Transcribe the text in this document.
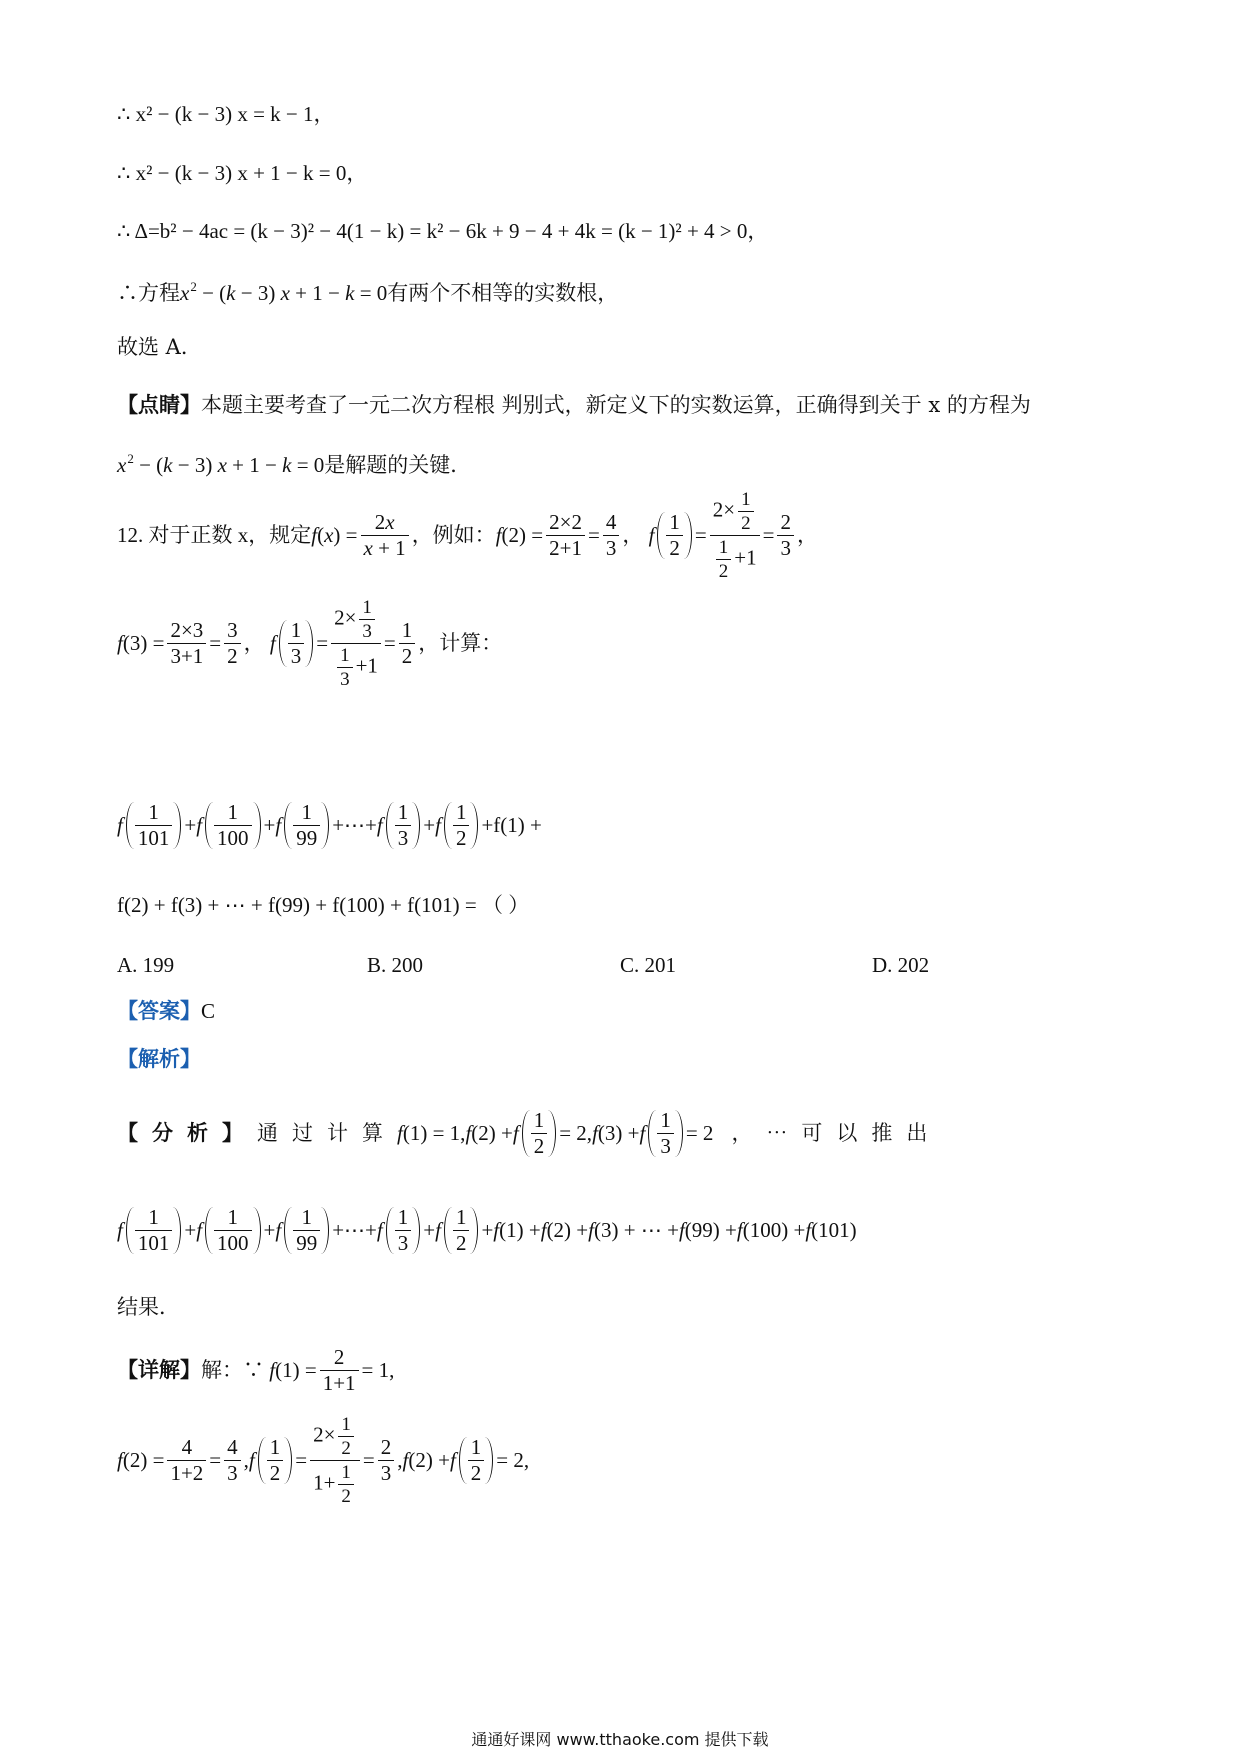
∴ x² − (k − 3) x = k − 1，
∴ x² − (k − 3) x + 1 − k = 0，
∴ Δ=b² − 4ac = (k − 3)² − 4(1 − k) = k² − 6k + 9 − 4 + 4k = (k − 1)² + 4 > 0，
∴方程$x^2 - (k - 3) x + 1 - k = 0$有两个不相等的实数根，
故选 A．
【点睛】本题主要考查了一元二次方程根 判别式，新定义下的实数运算，正确得到关于 x 的方程为
$x^2 - (k - 3) x + 1 - k = 0$是解题的关键．
12.
对于正数 x，规定 f ( x ) = $\frac{2x}{x + 1}$ ，例如： f $(2) = \frac{2\times 2}{2+1} = \frac{4}{3}$ ， f $\frac{1}{2} = \frac{2\times \frac{1}{2}}{\frac{1}{2} +1} = \frac{2}{3}$ ，
f $(3) = \frac{2\times 3}{3+1} = \frac{3}{2}$ ， f $\frac{1}{3} = \frac{2\times \frac{1}{3}}{\frac{1}{3} +1} = \frac{1}{2}$ ，计算：
f $\frac{1}{101} + f \frac{1}{100} + f \frac{1}{99}$ +⋯+ f $\frac{1}{3} + f \frac{1}{2} + f(1)$ +
f(2) + f(3) + ⋯ + f(99) + f(100) + f(101) = （ ）
A. 199	B. 200	C. 201	D. 202
【答案】C
【解析】
【分析】 通过计算 f (1) = 1, f (2) + f $\frac{1}{2} = 2$, f (3) + f $\frac{1}{3} = 2$ ，⋯可以推出
f $\frac{1}{101} + f \frac{1}{100} + f \frac{1}{99}$ +⋯+ f $\frac{1}{3} + f \frac{1}{2} + f$ (1) + f (2) + f (3) + ⋯ + f (99) + f (100) + f (101)
结果．
【详解】 解：∵
f $(1) = \frac{2}{1+1} = 1$,
f $(2) = \frac{4}{1+2} = \frac{4}{3}$ , f $\frac{1}{2} = \frac{2\times \frac{1}{2}}{1+ \frac{1}{2}} = \frac{2}{3}$ , f (2) + f $\frac{1}{2} = 2$,
通通好课网 www.tthaoke.com 提供下载
